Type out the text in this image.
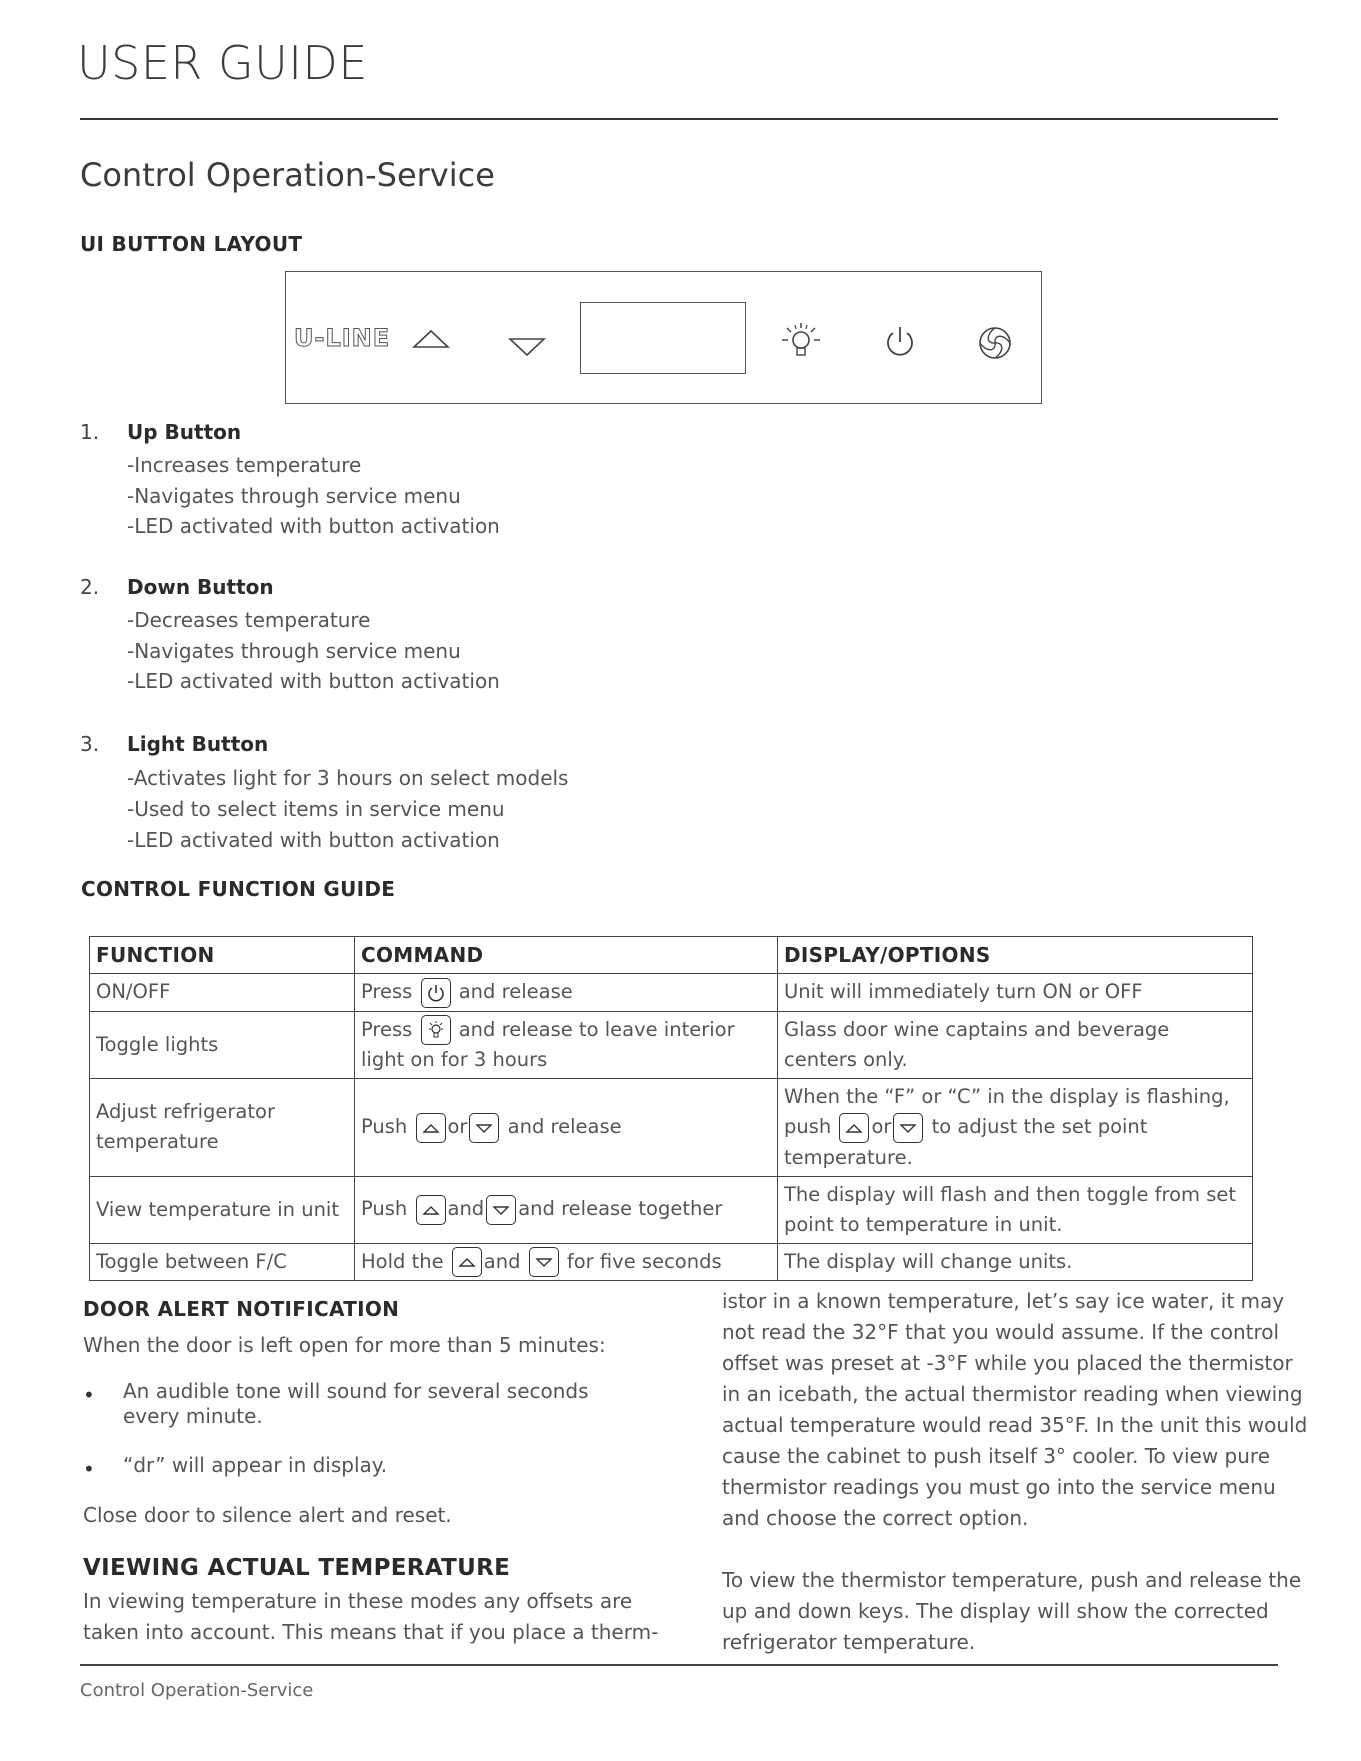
USER GUIDE
Control Operation-Service
UI BUTTON LAYOUT
U-LINE
1. Up Button
-Increases temperature
-Navigates through service menu
-LED activated with button activation
2. Down Button
-Decreases temperature
-Navigates through service menu
-LED activated with button activation
3. Light Button
-Activates light for 3 hours on select models
-Used to select items in service menu
-LED activated with button activation
CONTROL FUNCTION GUIDE
FUNCTION	COMMAND	DISPLAY/OPTIONS
ON/OFF	Press and release	Unit will immediately turn ON or OFF
Toggle lights	Press and release to leave interior light on for 3 hours	Glass door wine captains and beverage centers only.
Adjust refrigerator temperature	Push or and release	When the “F” or “C” in the display is flashing, push or to adjust the set point temperature.
View temperature in unit	Push and and release together	The display will flash and then toggle from set point to temperature in unit.
Toggle between F/C	Hold the and for five seconds	The display will change units.
DOOR ALERT NOTIFICATION
When the door is left open for more than 5 minutes:
• An audible tone will sound for several seconds every minute.
• “dr” will appear in display.
Close door to silence alert and reset.
VIEWING ACTUAL TEMPERATURE
In viewing temperature in these modes any offsets are
taken into account. This means that if you place a therm-
istor in a known temperature, let’s say ice water, it may
not read the 32°F that you would assume. If the control
offset was preset at -3°F while you placed the thermistor
in an icebath, the actual thermistor reading when viewing
actual temperature would read 35°F. In the unit this would
cause the cabinet to push itself 3° cooler. To view pure
thermistor readings you must go into the service menu
and choose the correct option.
To view the thermistor temperature, push and release the
up and down keys. The display will show the corrected
refrigerator temperature.
Control Operation-Service
